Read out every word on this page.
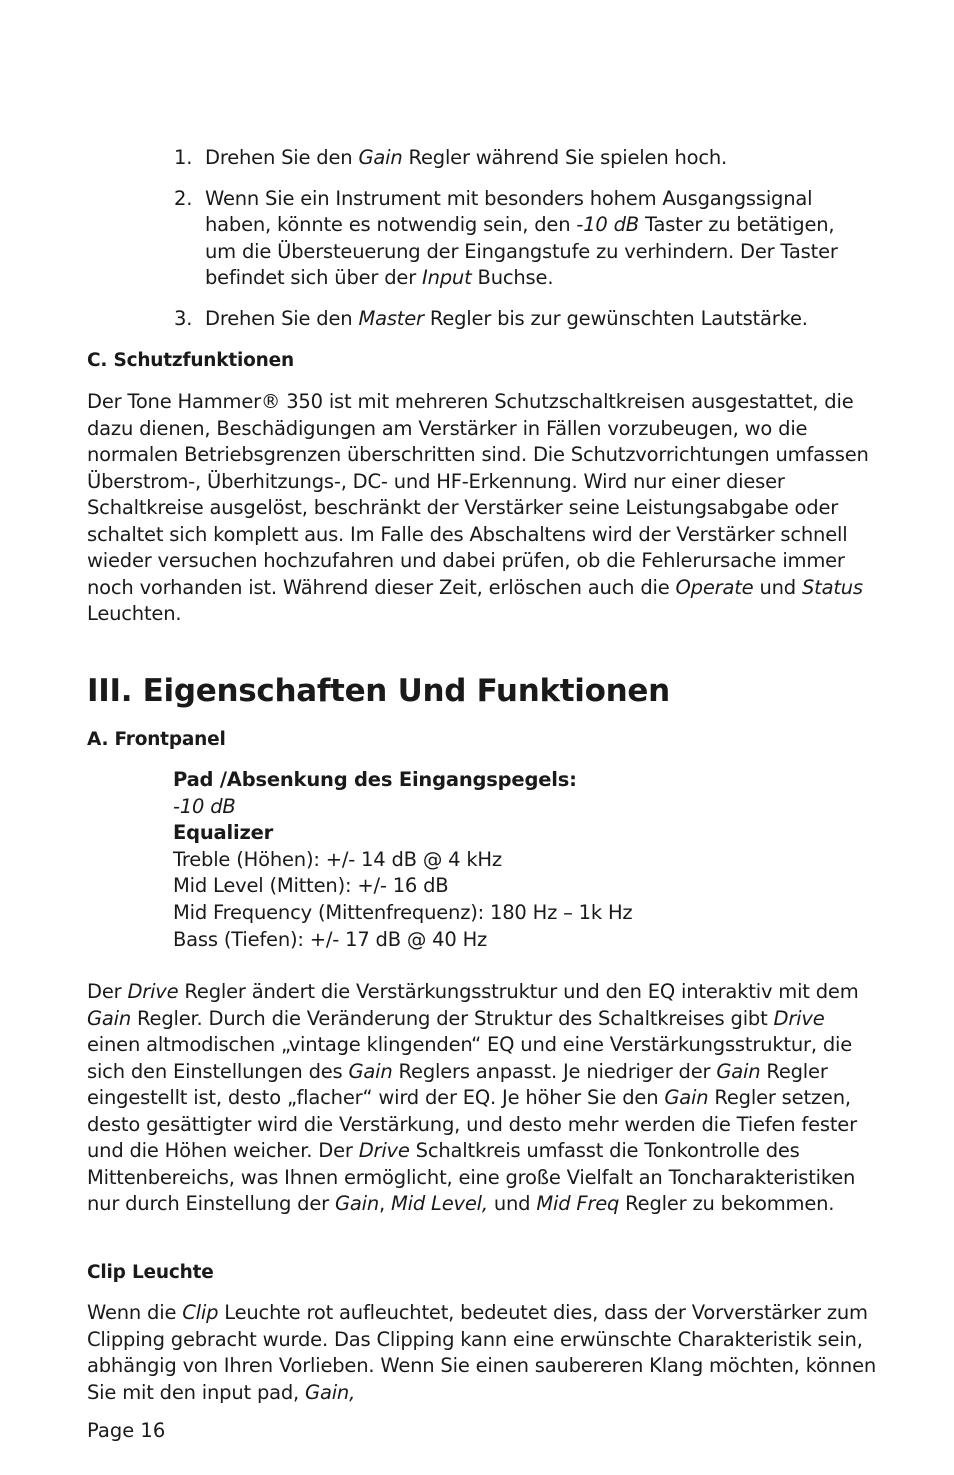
1. Drehen Sie den Gain Regler während Sie spielen hoch.
2. Wenn Sie ein Instrument mit besonders hohem Ausgangssignal haben, könnte es notwendig sein, den -10 dB Taster zu betätigen, um die Übersteuerung der Eingangstufe zu verhindern. Der Taster befindet sich über der Input Buchse.
3. Drehen Sie den Master Regler bis zur gewünschten Lautstärke.
C. Schutzfunktionen

Der Tone Hammer® 350 ist mit mehreren Schutzschaltkreisen ausgestattet, die dazu dienen, Beschädigungen am Verstärker in Fällen vorzubeugen, wo die normalen Betriebsgrenzen überschritten sind. Die Schutzvorrichtungen umfassen Überstrom-, Überhitzungs-, DC- und HF-Erkennung. Wird nur einer dieser Schaltkreise ausgelöst, beschränkt der Verstärker seine Leistungsabgabe oder schaltet sich komplett aus. Im Falle des Abschaltens wird der Verstärker schnell wieder versuchen hochzufahren und dabei prüfen, ob die Fehlerursache immer noch vorhanden ist. Während dieser Zeit, erlöschen auch die Operate und Status Leuchten.

III. Eigenschaften Und Funktionen
A. Frontpanel
Pad /Absenkung des Eingangspegels:
-10 dB
Equalizer
Treble (Höhen): +/- 14 dB @ 4 kHz
Mid Level (Mitten): +/- 16 dB
Mid Frequency (Mittenfrequenz): 180 Hz – 1k Hz
Bass (Tiefen): +/- 17 dB @ 40 Hz

Der Drive Regler ändert die Verstärkungsstruktur und den EQ interaktiv mit dem Gain Regler. Durch die Veränderung der Struktur des Schaltkreises gibt Drive einen altmodischen „vintage klingenden“ EQ und eine Verstärkungsstruktur, die sich den Einstellungen des Gain Reglers anpasst. Je niedriger der Gain Regler eingestellt ist, desto „flacher“ wird der EQ. Je höher Sie den Gain Regler setzen, desto gesättigter wird die Verstärkung, und desto mehr werden die Tiefen fester und die Höhen weicher. Der Drive Schaltkreis umfasst die Tonkontrolle des Mittenbereichs, was Ihnen ermöglicht, eine große Vielfalt an Toncharakteristiken nur durch Einstellung der Gain, Mid Level, und Mid Freq Regler zu bekommen.

Clip Leuchte

Wenn die Clip Leuchte rot aufleuchtet, bedeutet dies, dass der Vorverstärker zum Clipping gebracht wurde. Das Clipping kann eine erwünschte Charakteristik sein, abhängig von Ihren Vorlieben. Wenn Sie einen saubereren Klang möchten, können Sie mit den input pad, Gain,

Page 16
